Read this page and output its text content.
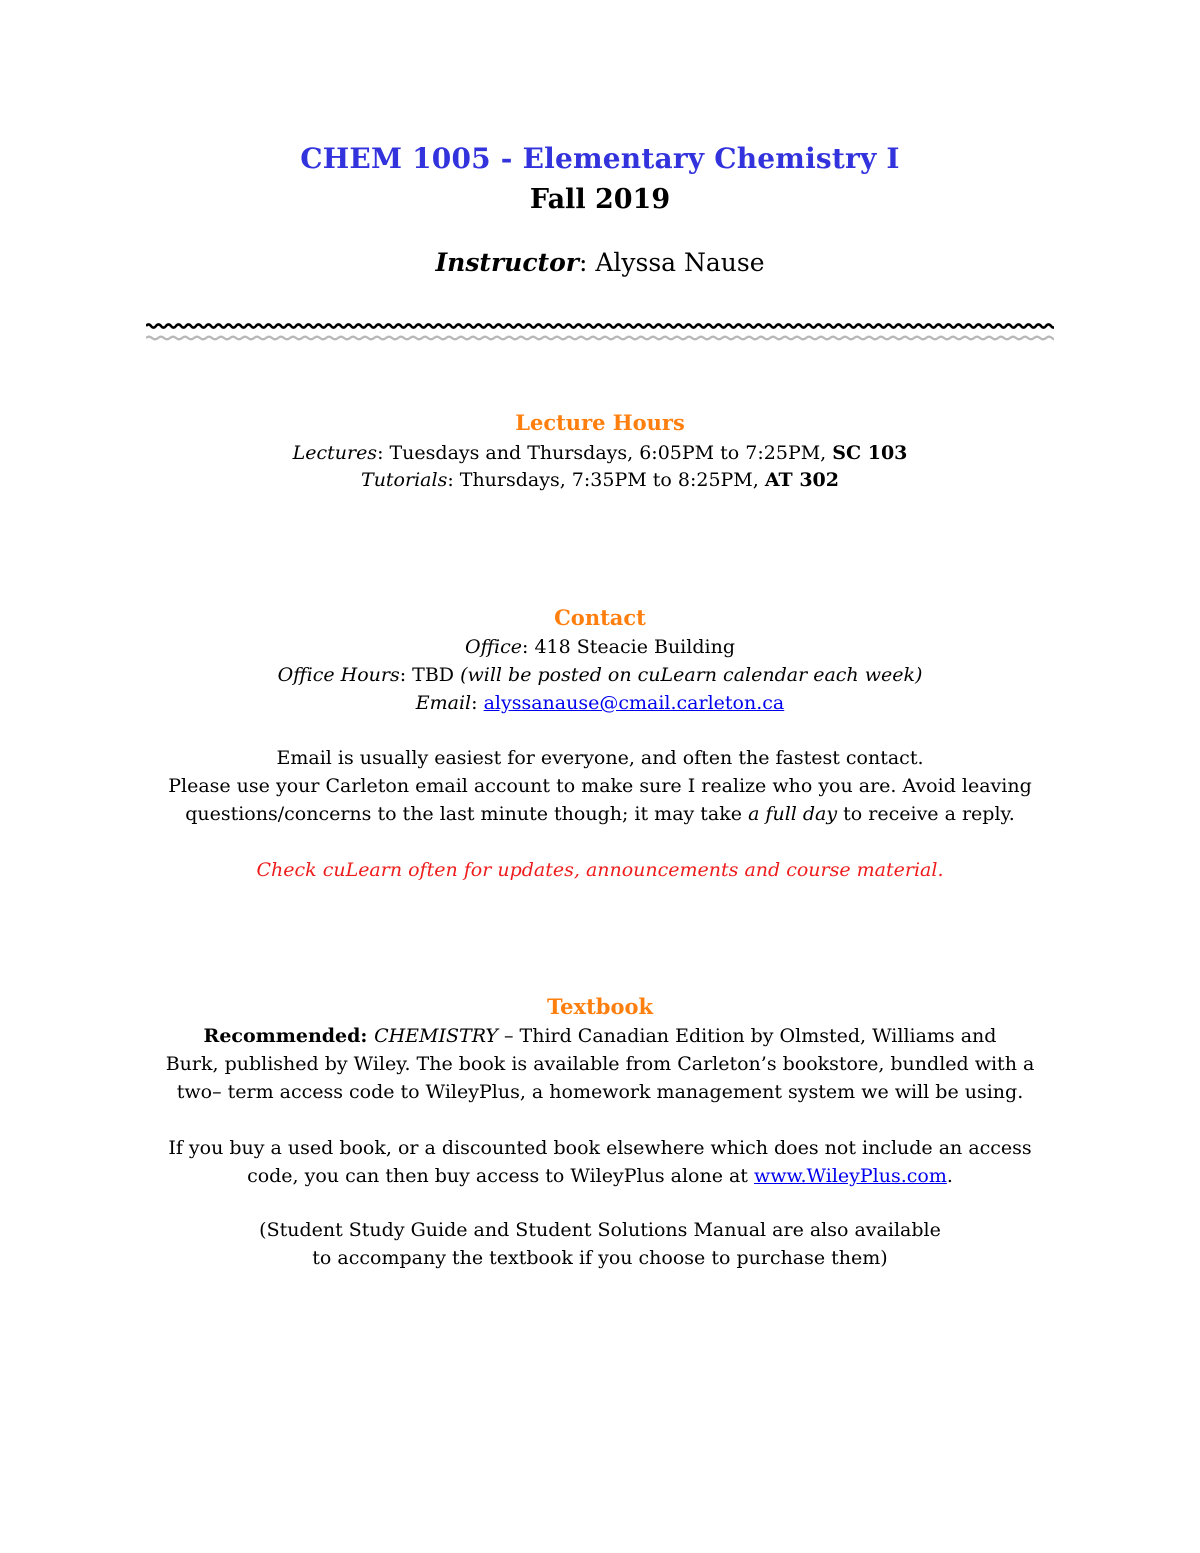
CHEM 1005 - Elementary Chemistry I
Fall 2019
Instructor: Alyssa Nause
Lecture Hours
Lectures: Tuesdays and Thursdays, 6:05PM to 7:25PM, SC 103
Tutorials: Thursdays, 7:35PM to 8:25PM, AT 302
Contact
Office: 418 Steacie Building
Office Hours: TBD (will be posted on cuLearn calendar each week)
Email: alyssanause@cmail.carleton.ca
Email is usually easiest for everyone, and often the fastest contact.
Please use your Carleton email account to make sure I realize who you are. Avoid leaving
questions/concerns to the last minute though; it may take a full day to receive a reply.
Check cuLearn often for updates, announcements and course material.
Textbook
Recommended: CHEMISTRY – Third Canadian Edition by Olmsted, Williams and
Burk, published by Wiley. The book is available from Carleton’s bookstore, bundled with a
two– term access code to WileyPlus, a homework management system we will be using.
If you buy a used book, or a discounted book elsewhere which does not include an access
code, you can then buy access to WileyPlus alone at www.WileyPlus.com.
(Student Study Guide and Student Solutions Manual are also available
to accompany the textbook if you choose to purchase them)
